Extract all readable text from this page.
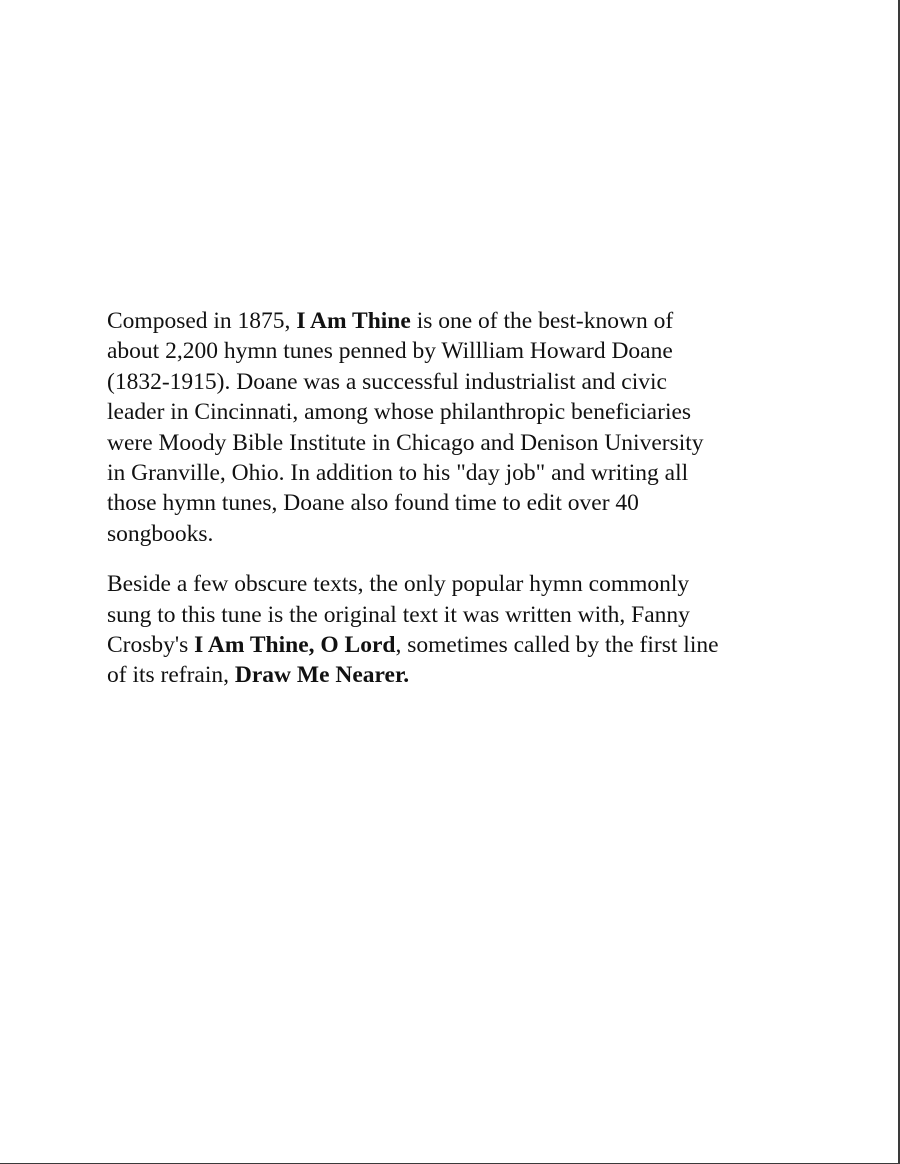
Composed in 1875, I Am Thine is one of the best-known of
about 2,200 hymn tunes penned by Willliam Howard Doane
(1832-1915). Doane was a successful industrialist and civic
leader in Cincinnati, among whose philanthropic beneficiaries
were Moody Bible Institute in Chicago and Denison University
in Granville, Ohio. In addition to his "day job" and writing all
those hymn tunes, Doane also found time to edit over 40
songbooks.

Beside a few obscure texts, the only popular hymn commonly
sung to this tune is the original text it was written with, Fanny
Crosby's I Am Thine, O Lord, sometimes called by the first line
of its refrain, Draw Me Nearer.
